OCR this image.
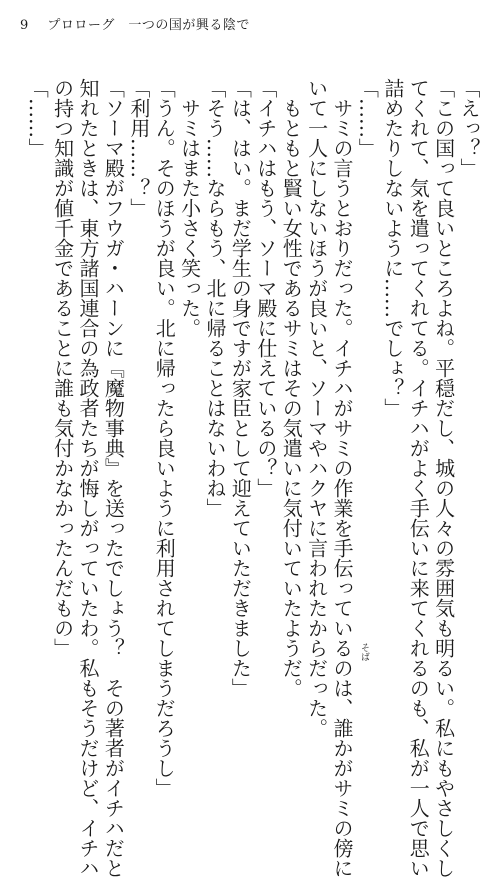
9 プロローグ　一つの国が興る陰で
「えっ？」
「この国って良いところよね。平穏だし、城の人々の雰囲気も明るい。私にもやさしくし
てくれて、気を遣ってくれてる。イチハがよく手伝いに来てくれるのも、私が一人で思い
詰めたりしないように……でしょ？」
「……」
　サミの言うとおりだった。イチハがサミの作業を手伝っているのは、誰かがサミの傍に
いて一人にしないほうが良いと、ソーマやハクヤに言われたからだった。
　もともと賢い女性であるサミはその気遣いに気付いていたようだ。
「イチハはもう、ソーマ殿に仕えているの？」
「は、はい。まだ学生の身ですが家臣として迎えていただきました」
「そう……ならもう、北に帰ることはないわね」
　サミはまた小さく笑った。
「うん。そのほうが良い。北に帰ったら良いように利用されてしまうだろうし」
「利用……？」
「ソーマ殿がフウガ・ハーンに『魔物事典』を送ったでしょう？　その著者がイチハだと
知れたときは、東方諸国連合の為政者たちが悔しがっていたわ。私もそうだけど、イチハ
の持つ知識が値千金であることに誰も気付かなかったんだもの」
「……」
そば
